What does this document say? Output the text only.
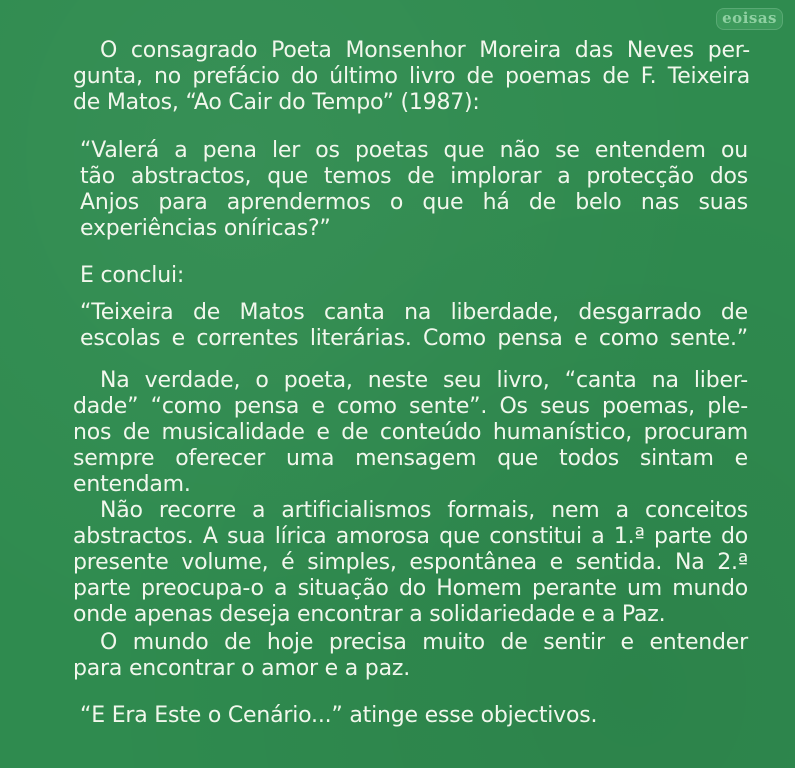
eoisas
O consagrado Poeta Monsenhor Moreira das Neves per-
gunta, no prefácio do último livro de poemas de F. Teixeira
de Matos, “Ao Cair do Tempo” (1987):
“Valerá a pena ler os poetas que não se entendem ou
tão abstractos, que temos de implorar a protecção dos
Anjos para aprendermos o que há de belo nas suas
experiências oníricas?”
E conclui:
“Teixeira de Matos canta na liberdade, desgarrado de
escolas e correntes literárias. Como pensa e como sente.”
Na verdade, o poeta, neste seu livro, “canta na liber-
dade” “como pensa e como sente”. Os seus poemas, ple-
nos de musicalidade e de conteúdo humanístico, procuram
sempre oferecer uma mensagem que todos sintam e
entendam.
Não recorre a artificialismos formais, nem a conceitos
abstractos. A sua lírica amorosa que constitui a 1.ª parte do
presente volume, é simples, espontânea e sentida. Na 2.ª
parte preocupa-o a situação do Homem perante um mundo
onde apenas deseja encontrar a solidariedade e a Paz.
O mundo de hoje precisa muito de sentir e entender
para encontrar o amor e a paz.
“E Era Este o Cenário...” atinge esse objectivos.
